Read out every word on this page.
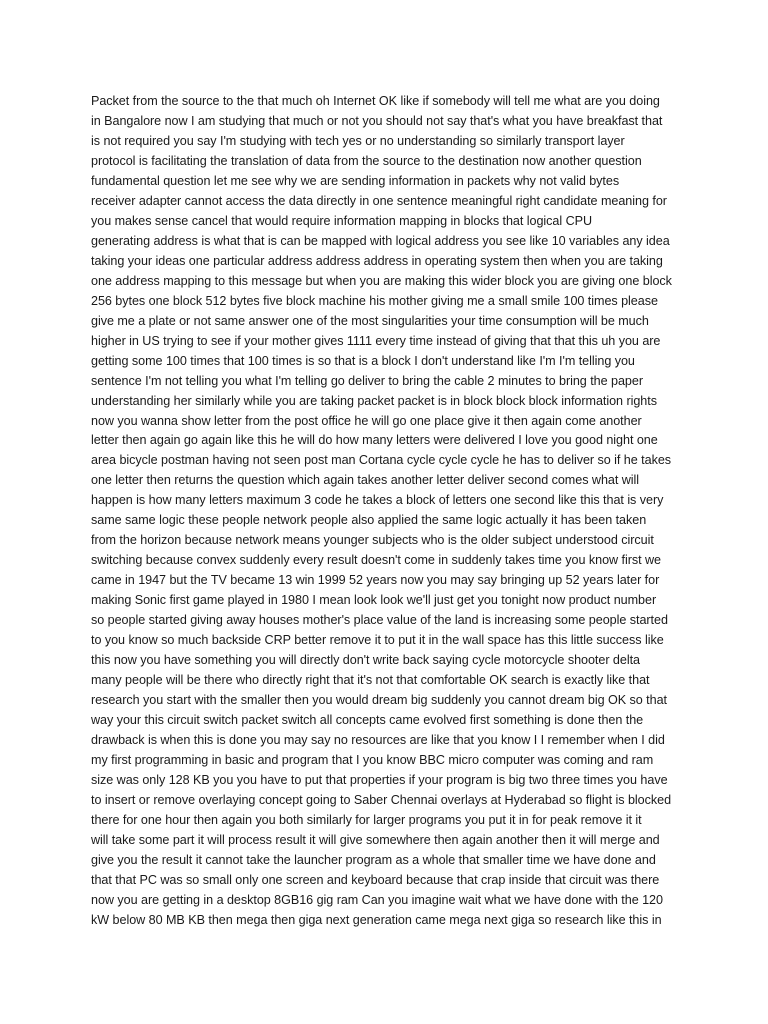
Packet from the source to the that much oh Internet OK like if somebody will tell me what are you doing
in Bangalore now I am studying that much or not you should not say that's what you have breakfast that
is not required you say I'm studying with tech yes or no understanding so similarly transport layer
protocol is facilitating the translation of data from the source to the destination now another question
fundamental question let me see why we are sending information in packets why not valid bytes
receiver adapter cannot access the data directly in one sentence meaningful right candidate meaning for
you makes sense cancel that would require information mapping in blocks that logical CPU
generating address is what that is can be mapped with logical address you see like 10 variables any idea
taking your ideas one particular address address address in operating system then when you are taking
one address mapping to this message but when you are making this wider block you are giving one block
256 bytes one block 512 bytes five block machine his mother giving me a small smile 100 times please
give me a plate or not same answer one of the most singularities your time consumption will be much
higher in US trying to see if your mother gives 1111 every time instead of giving that that this uh you are
getting some 100 times that 100 times is so that is a block I don't understand like I'm I'm telling you
sentence I'm not telling you what I'm telling go deliver to bring the cable 2 minutes to bring the paper
understanding her similarly while you are taking packet packet is in block block block information rights
now you wanna show letter from the post office he will go one place give it then again come another
letter then again go again like this he will do how many letters were delivered I love you good night one
area bicycle postman having not seen post man Cortana cycle cycle cycle he has to deliver so if he takes
one letter then returns the question which again takes another letter deliver second comes what will
happen is how many letters maximum 3 code he takes a block of letters one second like this that is very
same same logic these people network people also applied the same logic actually it has been taken
from the horizon because network means younger subjects who is the older subject understood circuit
switching because convex suddenly every result doesn't come in suddenly takes time you know first we
came in 1947 but the TV became 13 win 1999 52 years now you may say bringing up 52 years later for
making Sonic first game played in 1980 I mean look look we'll just get you tonight now product number
so people started giving away houses mother's place value of the land is increasing some people started
to you know so much backside CRP better remove it to put it in the wall space has this little success like
this now you have something you will directly don't write back saying cycle motorcycle shooter delta
many people will be there who directly right that it's not that comfortable OK search is exactly like that
research you start with the smaller then you would dream big suddenly you cannot dream big OK so that
way your this circuit switch packet switch all concepts came evolved first something is done then the
drawback is when this is done you may say no resources are like that you know I I remember when I did
my first programming in basic and program that I you know BBC micro computer was coming and ram
size was only 128 KB you you have to put that properties if your program is big two three times you have
to insert or remove overlaying concept going to Saber Chennai overlays at Hyderabad so flight is blocked
there for one hour then again you both similarly for larger programs you put it in for peak remove it it
will take some part it will process result it will give somewhere then again another then it will merge and
give you the result it cannot take the launcher program as a whole that smaller time we have done and
that that PC was so small only one screen and keyboard because that crap inside that circuit was there
now you are getting in a desktop 8GB16 gig ram Can you imagine wait what we have done with the 120
kW below 80 MB KB then mega then giga next generation came mega next giga so research like this in
